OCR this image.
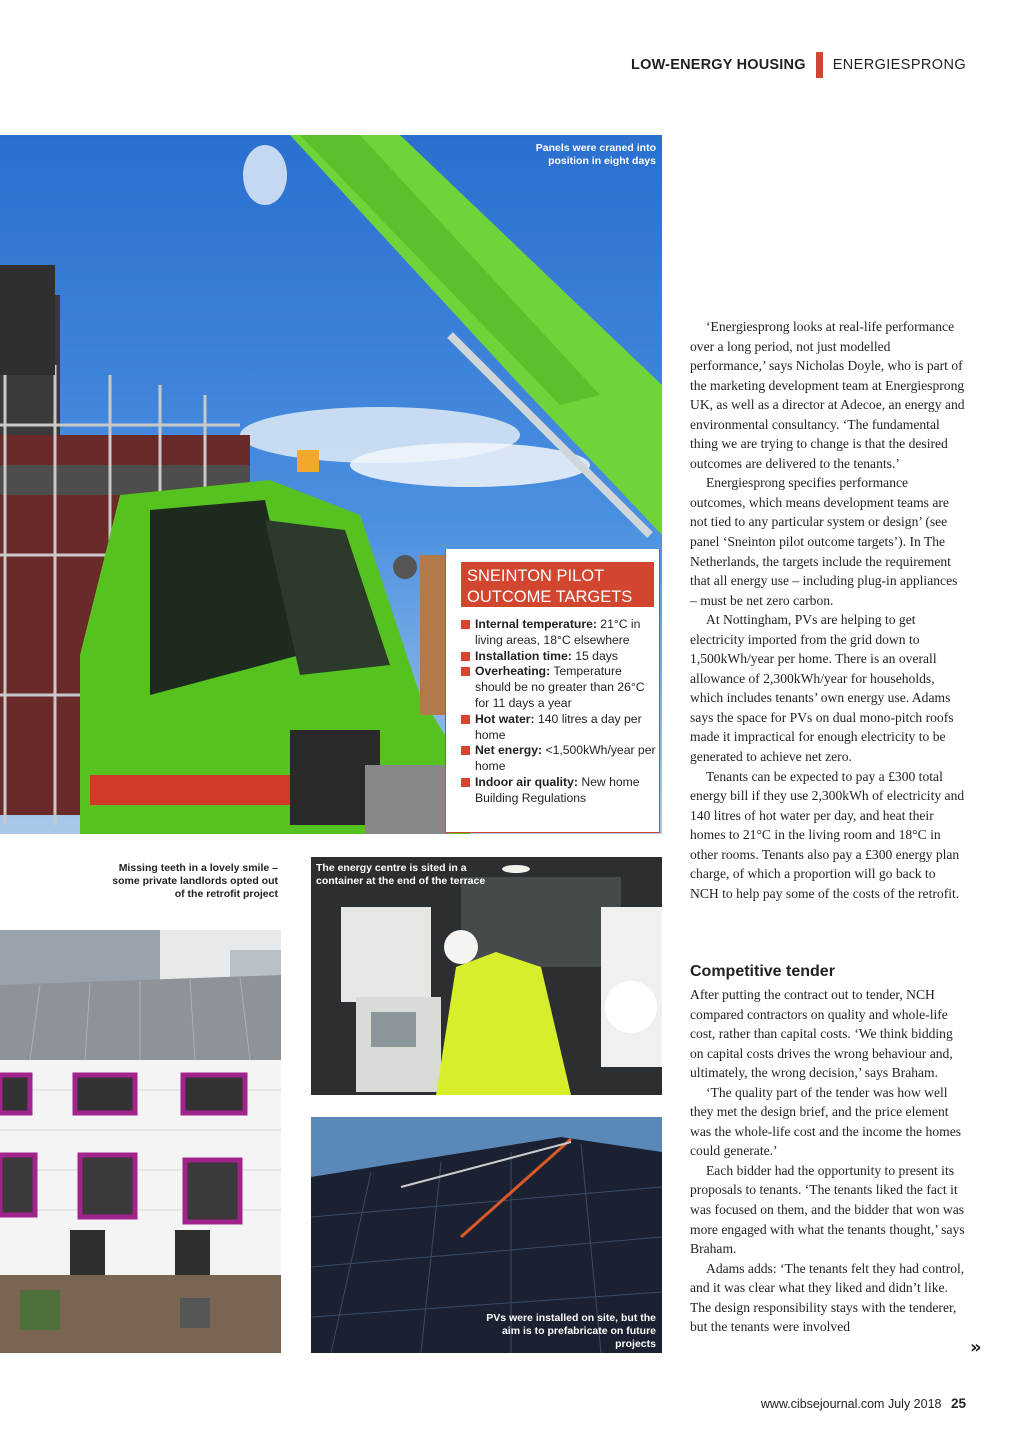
LOW-ENERGY HOUSING ENERGIESPRONG
Panels were craned into position in eight days
SNEINTON PILOT OUTCOME TARGETS
Internal temperature: 21°C in living areas, 18°C elsewhere
Installation time: 15 days
Overheating: Temperature should be no greater than 26°C for 11 days a year
Hot water: 140 litres a day per home
Net energy: <1,500kWh/year per home
Indoor air quality: New home Building Regulations
Missing teeth in a lovely smile – some private landlords opted out of the retrofit project
The energy centre is sited in a container at the end of the terrace
PVs were installed on site, but the aim is to prefabricate on future projects

‘Energiesprong looks at real-life performance over a long period, not just modelled performance,’ says Nicholas Doyle, who is part of the marketing development team at Energiesprong UK, as well as a director at Adecoe, an energy and environmental consultancy. ‘The fundamental thing we are trying to change is that the desired outcomes are delivered to the tenants.’

Energiesprong specifies performance outcomes, which means development teams are not tied to any particular system or design’ (see panel ‘Sneinton pilot outcome targets’). In The Netherlands, the targets include the requirement that all energy use – including plug-in appliances – must be net zero carbon.

At Nottingham, PVs are helping to get electricity imported from the grid down to 1,500kWh/year per home. There is an overall allowance of 2,300kWh/year for households, which includes tenants’ own energy use. Adams says the space for PVs on dual mono-pitch roofs made it impractical for enough electricity to be generated to achieve net zero.

Tenants can be expected to pay a £300 total energy bill if they use 2,300kWh of electricity and 140 litres of hot water per day, and heat their homes to 21°C in the living room and 18°C in other rooms. Tenants also pay a £300 energy plan charge, of which a proportion will go back to NCH to help pay some of the costs of the retrofit.

Competitive tender

After putting the contract out to tender, NCH compared contractors on quality and whole-life cost, rather than capital costs. ‘We think bidding on capital costs drives the wrong behaviour and, ultimately, the wrong decision,’ says Braham.

‘The quality part of the tender was how well they met the design brief, and the price element was the whole-life cost and the income the homes could generate.’

Each bidder had the opportunity to present its proposals to tenants. ‘The tenants liked the fact it was focused on them, and the bidder that won was more engaged with what the tenants thought,’ says Braham.

Adams adds: ‘The tenants felt they had control, and it was clear what they liked and didn’t like. The design responsibility stays with the tenderer, but the tenants were involved

»
www.cibsejournal.com July 2018 25
